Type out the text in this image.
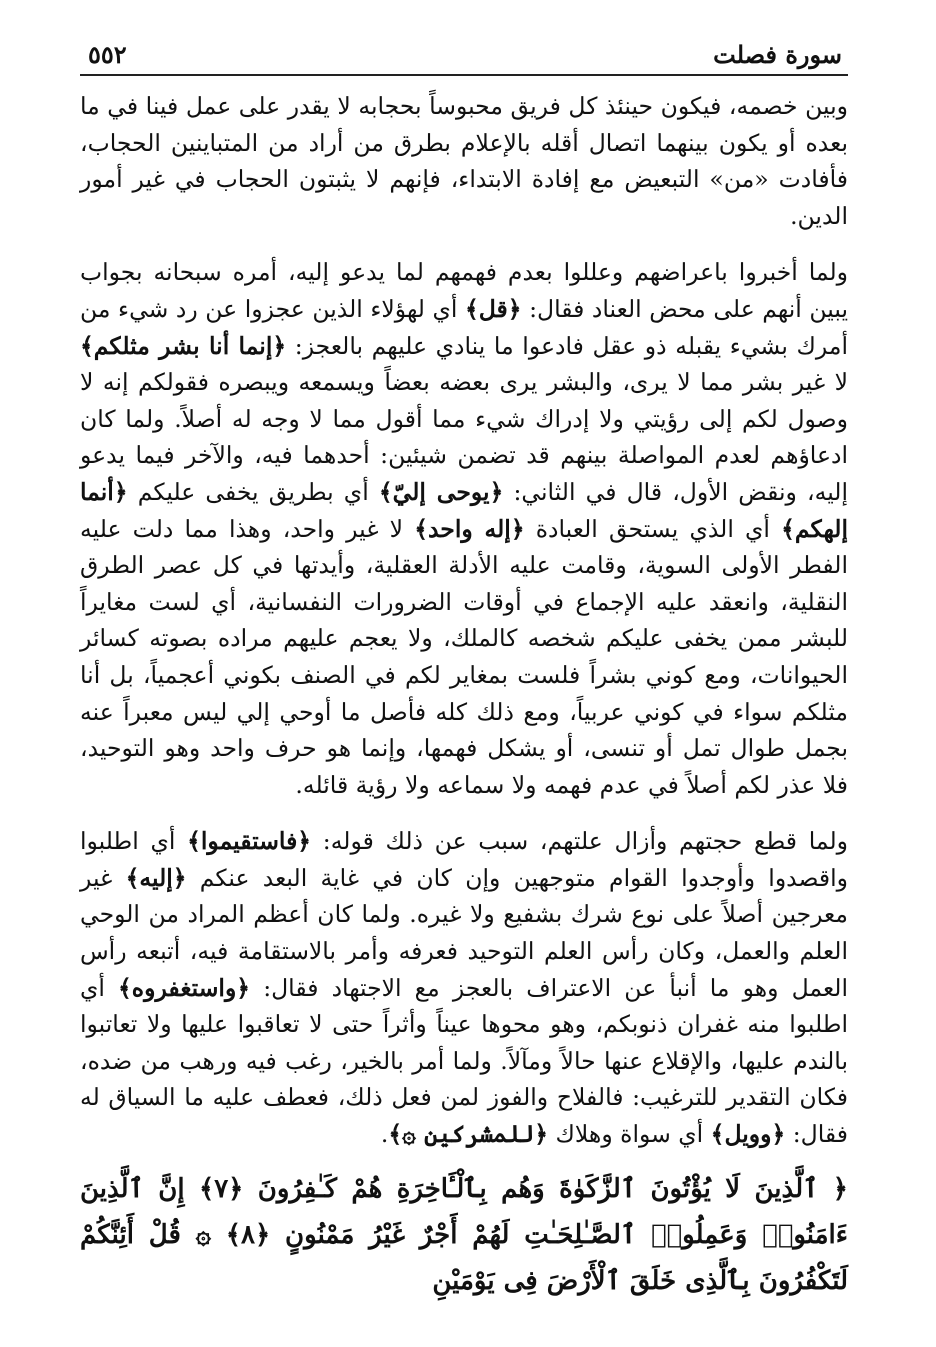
٥٥٢	سورة فصلت

وبين خصمه، فيكون حينئذ كل فريق محبوساً بحجابه لا يقدر على عمل فينا في ما بعده أو يكون بينهما اتصال أقله بالإعلام بطرق من أراد من المتباينين الحجاب، فأفادت «من» التبعيض مع إفادة الابتداء، فإنهم لا يثبتون الحجاب في غير أمور الدين.

ولما أخبروا باعراضهم وعللوا بعدم فهمهم لما يدعو إليه، أمره سبحانه بجواب يبين أنهم على محض العناد فقال: ﴿قل﴾ أي لهؤلاء الذين عجزوا عن رد شيء من أمرك بشيء يقبله ذو عقل فادعوا ما ينادي عليهم بالعجز: ﴿إنما أنا بشر مثلكم﴾ لا غير بشر مما لا يرى، والبشر يرى بعضه بعضاً ويسمعه ويبصره فقولكم إنه لا وصول لكم إلى رؤيتي ولا إدراك شيء مما أقول مما لا وجه له أصلاً. ولما كان ادعاؤهم لعدم المواصلة بينهم قد تضمن شيئين: أحدهما فيه، والآخر فيما يدعو إليه، ونقض الأول، قال في الثاني: ﴿يوحى إليّ﴾ أي بطريق يخفى عليكم ﴿أنما إلهكم﴾ أي الذي يستحق العبادة ﴿إله واحد﴾ لا غير واحد، وهذا مما دلت عليه الفطر الأولى السوية، وقامت عليه الأدلة العقلية، وأيدتها في كل عصر الطرق النقلية، وانعقد عليه الإجماع في أوقات الضرورات النفسانية، أي لست مغايراً للبشر ممن يخفى عليكم شخصه كالملك، ولا يعجم عليهم مراده بصوته كسائر الحيوانات، ومع كوني بشراً فلست بمغاير لكم في الصنف بكوني أعجمياً، بل أنا مثلكم سواء في كوني عربياً، ومع ذلك كله فأصل ما أوحي إلي ليس معبراً عنه بجمل طوال تمل أو تنسى، أو يشكل فهمها، وإنما هو حرف واحد وهو التوحيد، فلا عذر لكم أصلاً في عدم فهمه ولا سماعه ولا رؤية قائله.

ولما قطع حجتهم وأزال علتهم، سبب عن ذلك قوله: ﴿فاستقيموا﴾ أي اطلبوا واقصدوا وأوجدوا القوام متوجهين وإن كان في غاية البعد عنكم ﴿إليه﴾ غير معرجين أصلاً على نوع شرك بشفيع ولا غيره. ولما كان أعظم المراد من الوحي العلم والعمل، وكان رأس العلم التوحيد فعرفه وأمر بالاستقامة فيه، أتبعه رأس العمل وهو ما أنبأ عن الاعتراف بالعجز مع الاجتهاد فقال: ﴿واستغفروه﴾ أي اطلبوا منه غفران ذنوبكم، وهو محوها عيناً وأثراً حتى لا تعاقبوا عليها ولا تعاتبوا بالندم عليها، والإقلاع عنها حالاً ومآلاً. ولما أمر بالخير، رغب فيه ورهب من ضده، فكان التقدير للترغيب: فالفلاح والفوز لمن فعل ذلك، فعطف عليه ما السياق له فقال: ﴿وويل﴾ أي سواة وهلاك ﴿للمشركين ۞﴾.

﴿ ٱلَّذِينَ لَا يُؤْتُونَ ٱلزَّكَوٰةَ وَهُم بِٱلْـَٔاخِرَةِ هُمْ كَـٰفِرُونَ ﴿٧﴾ إِنَّ ٱلَّذِينَ ءَامَنُوا۟ وَعَمِلُوا۟ ٱلصَّـٰلِحَـٰتِ لَهُمْ أَجْرٌ غَيْرُ مَمْنُونٍ ﴿٨﴾ ۞ قُلْ أَئِنَّكُمْ لَتَكْفُرُونَ بِٱلَّذِى خَلَقَ ٱلْأَرْضَ فِى يَوْمَيْنِ
